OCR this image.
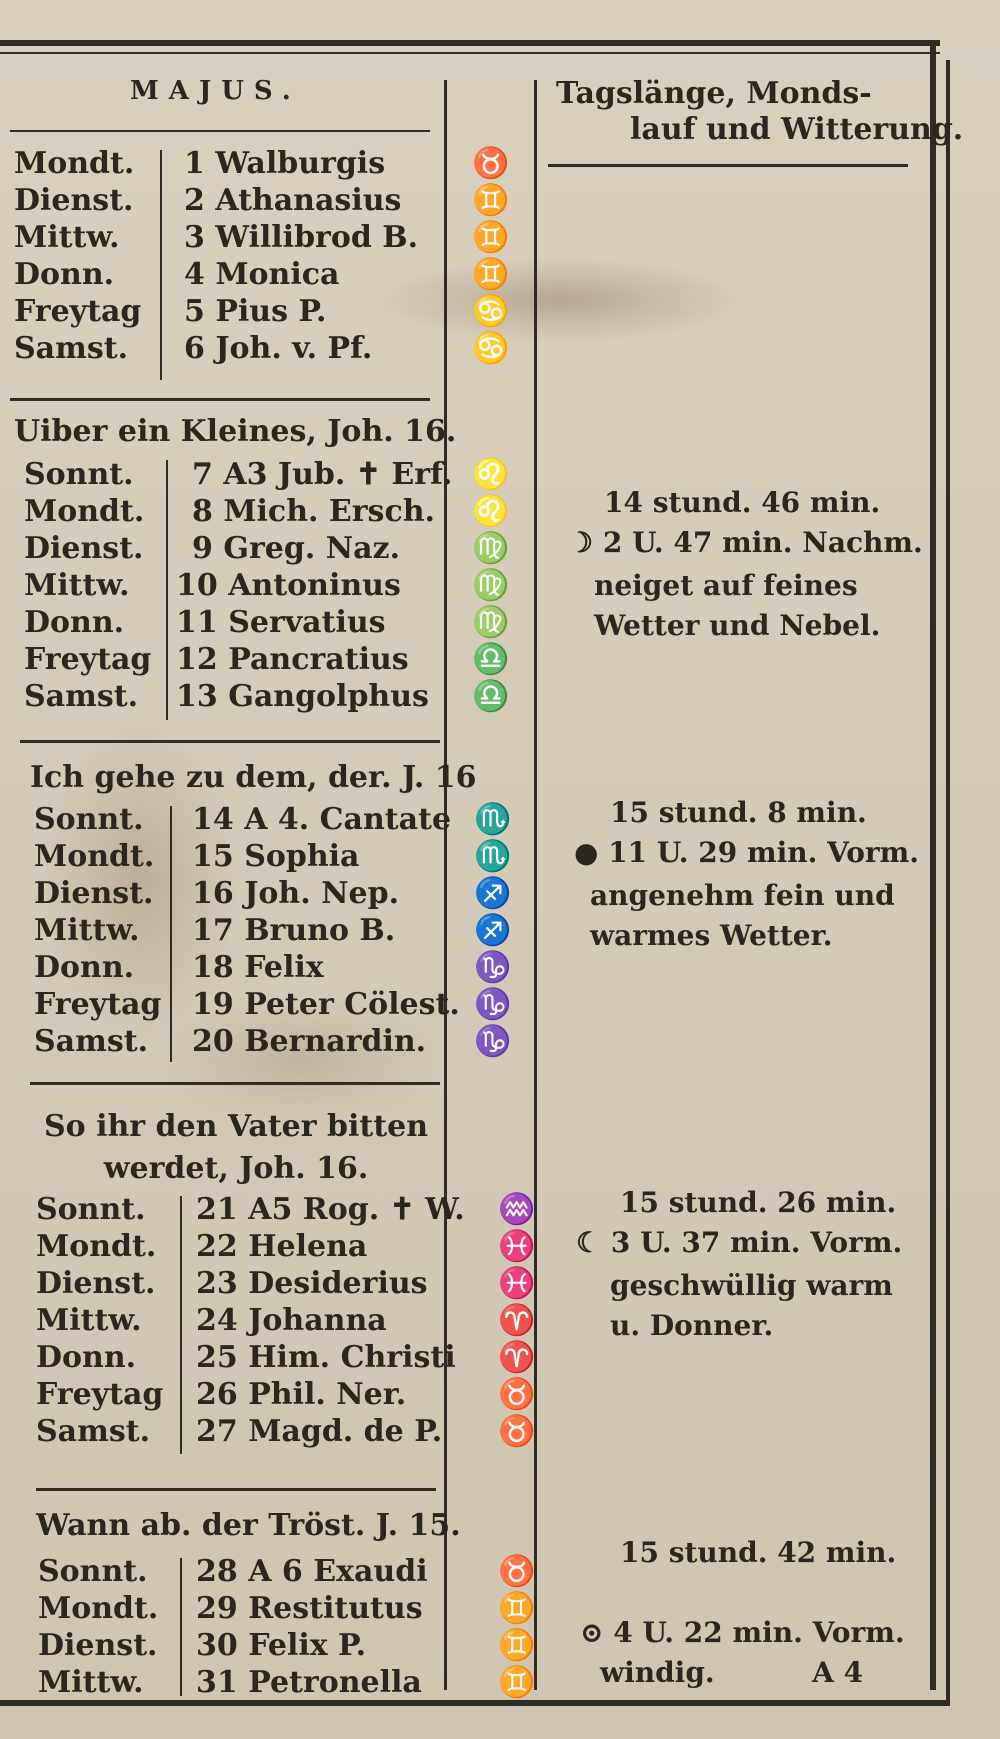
MAJUS.	Tagslänge, Monds-
lauf und Witterung.
Mondt. 1 Walburgis	♉
Dienst. 2 Athanasius	♊
Mittw. 3 Willibrod B.	♊
Donn. 4 Monica	♊
Freytag 5 Pius P.	♋
Samst. 6 Joh. v. Pf.	♋
Uiber ein Kleines, Joh. 16.
Sonnt. 7 A3 Jub. ✝ Erf. ♌
Mondt. 8 Mich. Ersch.	♌
Dienst. 9 Greg. Naz.	♍
Mittw. 10 Antoninus	♍
Donn. 11 Servatius	♍
Freytag 12 Pancratius	♎
Samst. 13 Gangolphus	♎
14 stund. 46 min.
☽ 2 U. 47 min. Nachm.
neiget auf feines Wetter und Nebel.
Ich gehe zu dem, der. J. 16
Sonnt. 14 A 4. Cantate ♏
Mondt. 15 Sophia	♏
Dienst. 16 Joh. Nep.	♐
Mittw. 17 Bruno B.	♐
Donn. 18 Felix	♑
Freytag 19 Peter Cölest. ♑
Samst. 20 Bernardin.	♑
15 stund. 8 min.
● 11 U. 29 min. Vorm.
angenehm fein und warmes Wetter.
So ihr den Vater bitten werdet, Joh. 16.
Sonnt. 21 A5 Rog. ✝ W.	♒
Mondt. 22 Helena	♓
Dienst. 23 Desiderius	♓
Mittw. 24 Johanna	♈
Donn. 25 Him. Christi	♈
Freytag 26 Phil. Ner.	♉
Samst. 27 Magd. de P.	♉
15 stund. 26 min.
☾ 3 U. 37 min. Vorm.
geschwüllig warm u. Donner.
Wann ab. der Tröst. J. 15.
Sonnt. 28 A 6 Exaudi	♉
Mondt. 29 Restitutus	♊
Dienst. 30 Felix P.	♊
Mittw. 31 Petronella	♊
15 stund. 42 min.
⊙ 4 U. 22 min. Vorm.
windig.          A 4
